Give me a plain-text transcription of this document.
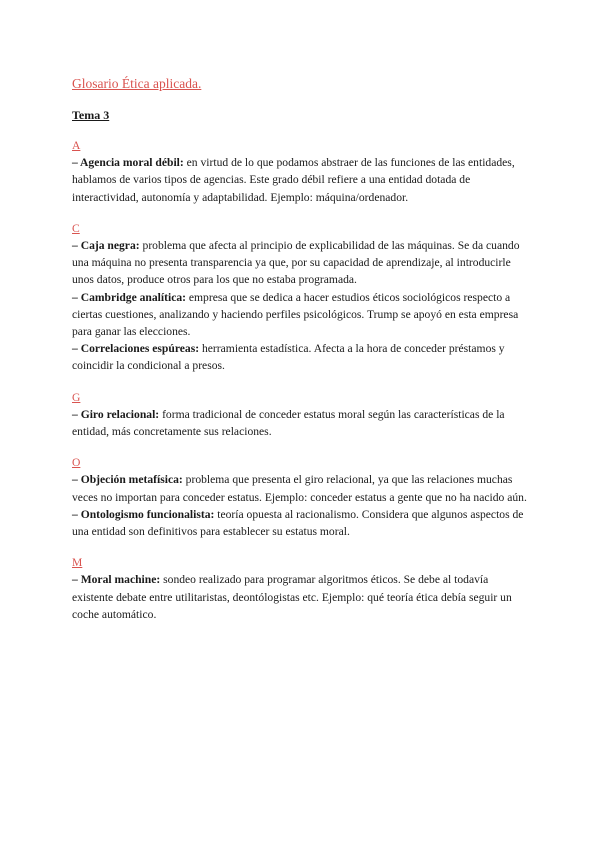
Glosario Ética aplicada.
Tema 3
A

– Agencia moral débil: en virtud de lo que podamos abstraer de las funciones de las entidades, hablamos de varios tipos de agencias. Este grado débil refiere a una entidad dotada de interactividad, autonomía y adaptabilidad. Ejemplo: máquina/ordenador.

C

– Caja negra: problema que afecta al principio de explicabilidad de las máquinas. Se da cuando una máquina no presenta transparencia ya que, por su capacidad de aprendizaje, al introducirle unos datos, produce otros para los que no estaba programada.

– Cambridge analítica: empresa que se dedica a hacer estudios éticos sociológicos respecto a ciertas cuestiones, analizando y haciendo perfiles psicológicos. Trump se apoyó en esta empresa para ganar las elecciones.

– Correlaciones espúreas: herramienta estadística. Afecta a la hora de conceder préstamos y coincidir la condicional a presos.

G

– Giro relacional: forma tradicional de conceder estatus moral según las características de la entidad, más concretamente sus relaciones.

O

– Objeción metafísica: problema que presenta el giro relacional, ya que las relaciones muchas veces no importan para conceder estatus. Ejemplo: conceder estatus a gente que no ha nacido aún.

– Ontologismo funcionalista: teoría opuesta al racionalismo. Considera que algunos aspectos de una entidad son definitivos para establecer su estatus moral.

M

– Moral machine: sondeo realizado para programar algoritmos éticos. Se debe al todavía existente debate entre utilitaristas, deontólogistas etc. Ejemplo: qué teoría ética debía seguir un coche automático.
